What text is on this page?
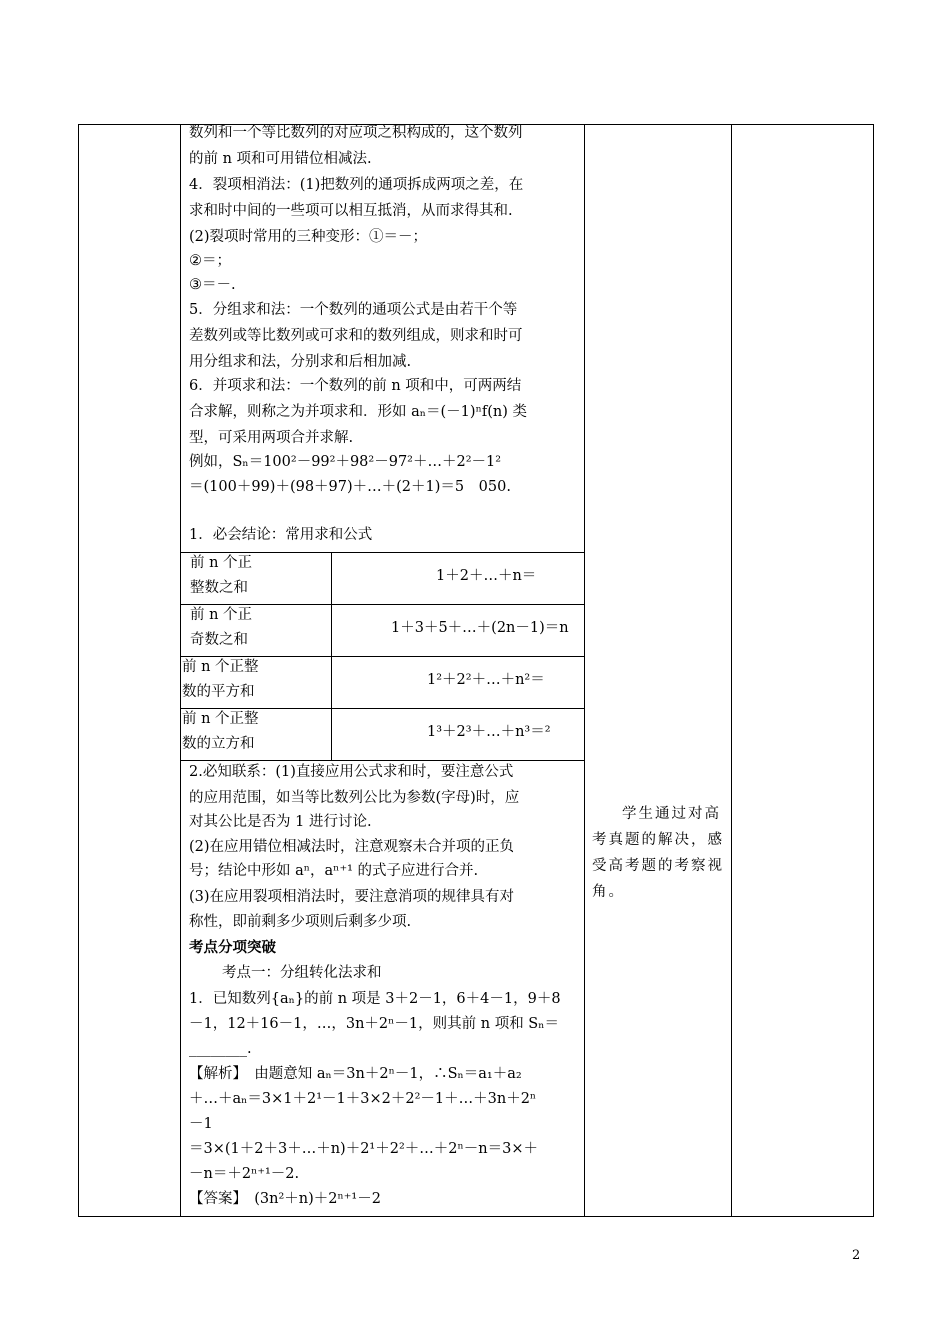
数列和一个等比数列的对应项之积构成的，这个数列
的前 n 项和可用错位相减法.
4．裂项相消法：(1)把数列的通项拆成两项之差，在
求和时中间的一些项可以相互抵消，从而求得其和.
(2)裂项时常用的三种变形：①＝－；
②＝；
③＝－.
5．分组求和法：一个数列的通项公式是由若干个等
差数列或等比数列或可求和的数列组成，则求和时可
用分组求和法，分别求和后相加减.
6．并项求和法：一个数列的前 n 项和中，可两两结
合求解，则称之为并项求和．形如 aₙ＝(－1)ⁿf(n) 类
型，可采用两项合并求解.
例如，Sₙ＝100²－99²＋98²－97²＋…＋2²－1²
＝(100＋99)＋(98＋97)＋…＋(2＋1)＝5　050.
1．必会结论：常用求和公式
前 n 个正
整数之和
1＋2＋…＋n＝
前 n 个正
奇数之和
1＋3＋5＋…＋(2n－1)＝n
前 n 个正整
数的平方和
1²＋2²＋…＋n²＝
前 n 个正整
数的立方和
1³＋2³＋…＋n³＝²
2.必知联系：(1)直接应用公式求和时，要注意公式
的应用范围，如当等比数列公比为参数(字母)时，应
对其公比是否为 1 进行讨论.
(2)在应用错位相减法时，注意观察未合并项的正负
号；结论中形如 aⁿ，aⁿ⁺¹ 的式子应进行合并.
(3)在应用裂项相消法时，要注意消项的规律具有对
称性，即前剩多少项则后剩多少项.
考点分项突破
考点一：分组转化法求和
1．已知数列{aₙ}的前 n 项是 3＋2－1，6＋4－1，9＋8
－1，12＋16－1，…，3n＋2ⁿ－1，则其前 n 项和 Sₙ＝
________.
【解析】　由题意知 aₙ＝3n＋2ⁿ－1，∴Sₙ＝a₁＋a₂
＋…＋aₙ＝3×1＋2¹－1＋3×2＋2²－1＋…＋3n＋2ⁿ
－1
＝3×(1＋2＋3＋…＋n)＋2¹＋2²＋…＋2ⁿ－n＝3×＋
－n＝＋2ⁿ⁺¹－2.
【答案】　(3n²＋n)＋2ⁿ⁺¹－2
学生通过对高考真题的解决，感受高考题的考察视角。
2
